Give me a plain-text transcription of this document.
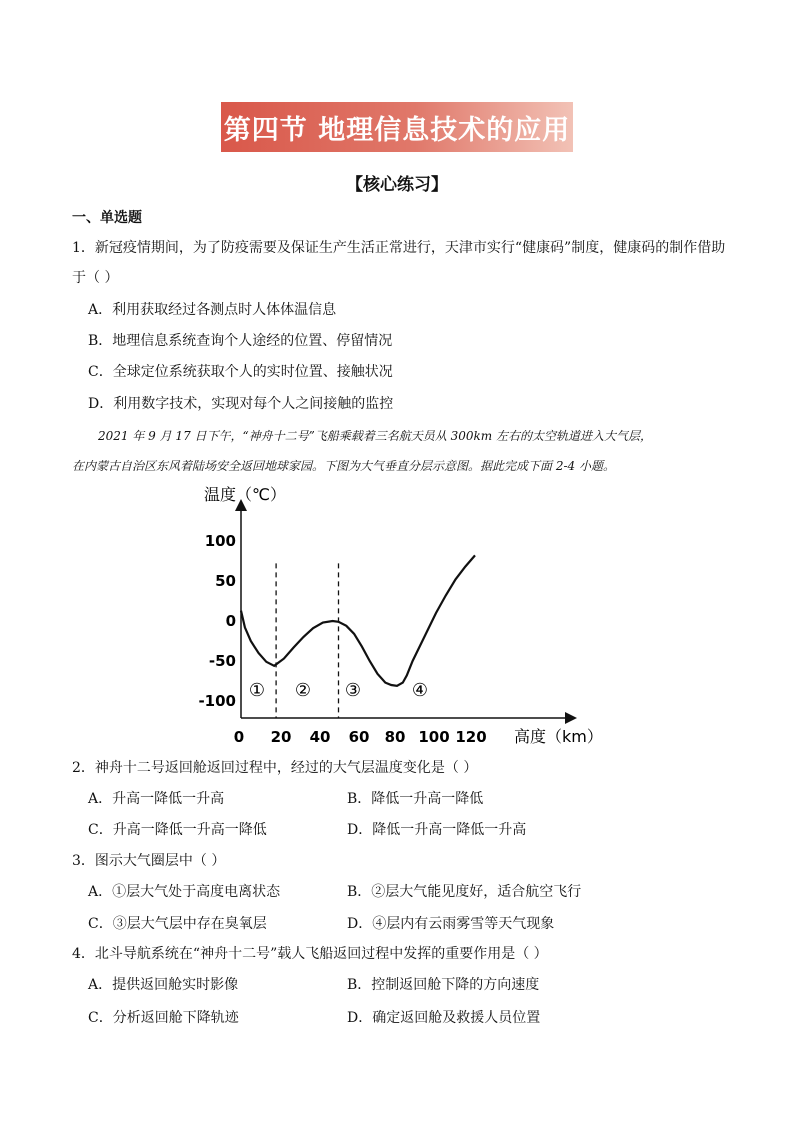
第四节 地理信息技术的应用
【核心练习】
一、单选题
1．新冠疫情期间，为了防疫需要及保证生产生活正常进行，天津市实行“健康码”制度，健康码的制作借助
于（ ）
A．利用获取经过各测点时人体体温信息
B．地理信息系统查询个人途经的位置、停留情况
C．全球定位系统获取个人的实时位置、接触状况
D．利用数字技术，实现对每个人之间接触的监控
2021 年 9 月 17 日下午，“神舟十二号”飞船乘载着三名航天员从 300km 左右的太空轨道进入大气层，
在内蒙古自治区东风着陆场安全返回地球家园。下图为大气垂直分层示意图。据此完成下面 2-4 小题。
温度（℃）
高度（km）
100
50
0
-50
-100
0 20 40 60 80 100 120
① ② ③	④
2．神舟十二号返回舱返回过程中，经过的大气层温度变化是（ ）
A．升高一降低一升高	B．降低一升高一降低
C．升高一降低一升高一降低	D．降低一升高一降低一升高
3．图示大气圈层中（ ）
A．①层大气处于高度电离状态	B．②层大气能见度好，适合航空飞行
C．③层大气层中存在臭氧层	D．④层内有云雨雾雪等天气现象
4．北斗导航系统在“神舟十二号”载人飞船返回过程中发挥的重要作用是（ ）
A．提供返回舱实时影像	B．控制返回舱下降的方向速度
C．分析返回舱下降轨迹	D．确定返回舱及救援人员位置
